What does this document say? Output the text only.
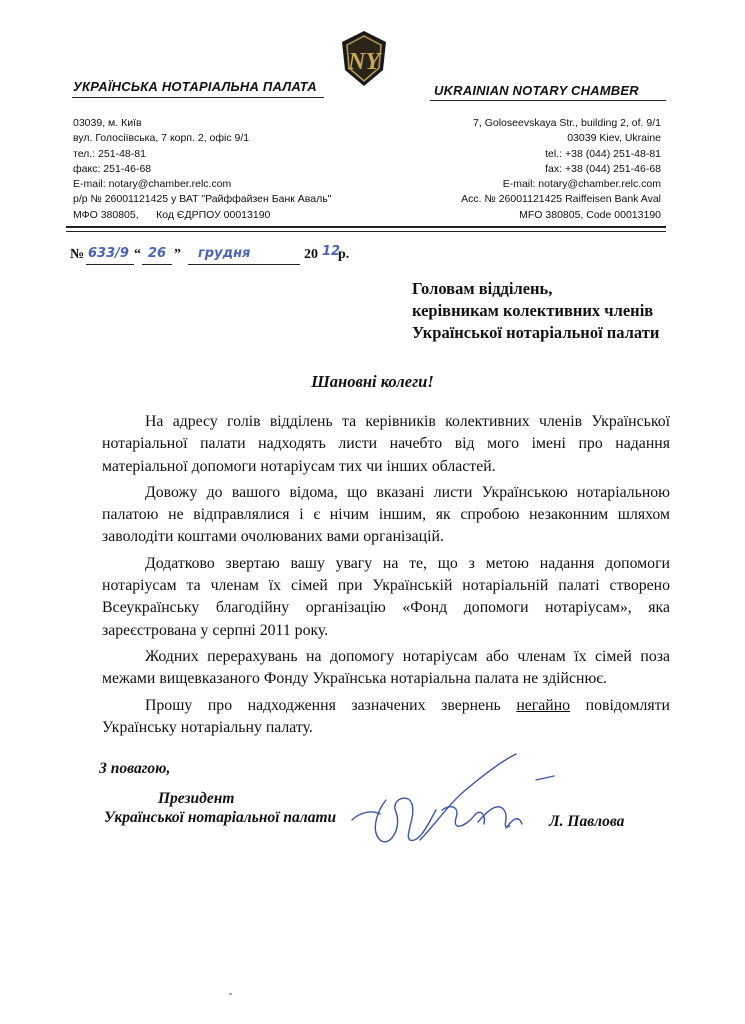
NY
УКРАЇНСЬКА НОТАРІАЛЬНА ПАЛАТА	UKRAINIAN NOTARY CHAMBER
03039, м. Київ
вул. Голосіївська, 7 корп. 2, офіс 9/1
тел.: 251-48-81
факс: 251-46-68
E-mail: notary@chamber.relc.com
р/р № 26001121425 у ВАТ "Райффайзен Банк Аваль"
МФО 380805,      Код ЄДРПОУ 00013190
7, Goloseevskaya Str., building 2, of. 9/1
03039 Kiev, Ukraine
tel.: +38 (044) 251-48-81
fax: +38 (044) 251-46-68
E-mail: notary@chamber.relc.com
Acc. № 26001121425 Raiffeisen Bank Aval
MFO 380805, Code 00013190
№ 633/9 “ 26 ” грудня	20 12
р.
Головам відділень,
керівникам колективних членів
Української нотаріальної палати
Шановні колеги!

На адресу голів відділень та керівників колективних членів Української нотаріальної палати надходять листи начебто від мого імені про надання матеріальної допомоги нотаріусам тих чи інших областей.

Довожу до вашого відома, що вказані листи Українською нотаріальною палатою не відправлялися і є нічим іншим, як спробою незаконним шляхом заволодіти коштами очолюваних вами організацій.

Додатково звертаю вашу увагу на те, що з метою надання допомоги нотаріусам та членам їх сімей при Українській нотаріальній палаті створено Всеукраїнську благодійну організацію «Фонд допомоги нотаріусам», яка зареєстрована у серпні 2011 року.

Жодних перерахувань на допомогу нотаріусам або членам їх сімей поза межами вищевказаного Фонду Українська нотаріальна палата не здійснює.

Прошу про надходження зазначених звернень негайно повідомляти Українську нотаріальну палату.

З повагою,
Президент
Української нотаріальної палати	Л. Павлова
